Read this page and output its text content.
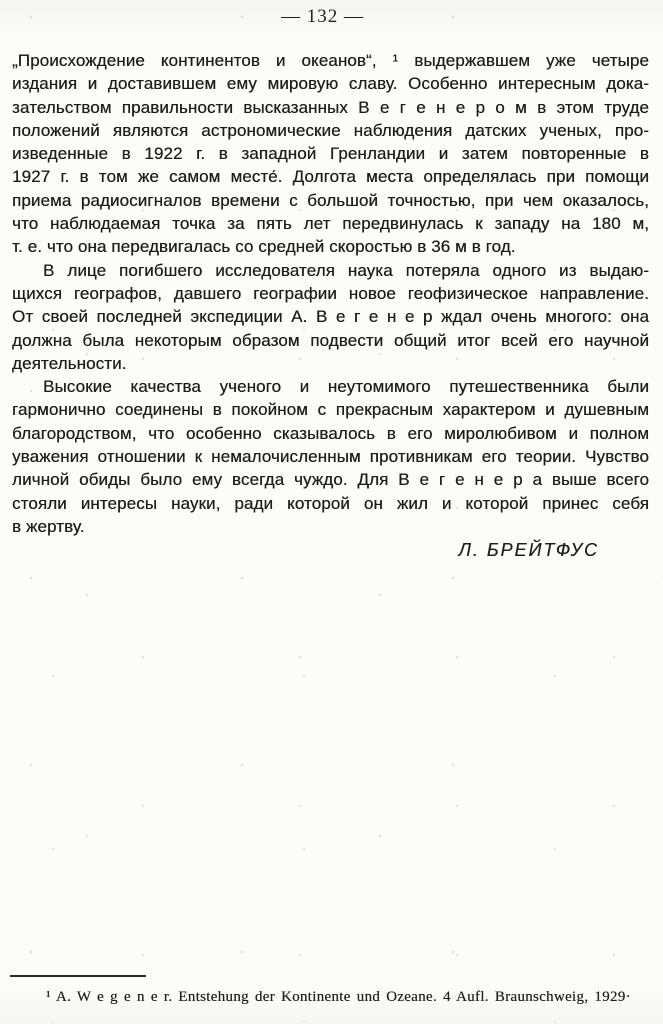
— 132 —
„Происхождение континентов и океанов“, ¹ выдержавшем уже четыре
издания и доставившем ему мировую славу. Особенно интересным дока-
зательством правильности высказанных В е г е н е р о м в этом труде
положений являются астрономические наблюдения датских ученых, про-
изведенные в 1922 г. в западной Гренландии и затем повторенные в
1927 г. в том же самом месте́. Долгота места определялась при помощи
приема радиосигналов времени с большой точностью, при чем оказалось,
что наблюдаемая точка за пять лет передвинулась к западу на 180 м,
т. е. что она передвигалась со средней скоростью в 36 м в год.
В лице погибшего исследователя наука потеряла одного из выдаю-
щихся географов, давшего географии новое геофизическое направление.
От своей последней экспедиции А. В е г е н е р ждал очень многого: она
должна была некоторым образом подвести общий итог всей его научной
деятельности.
Высокие качества ученого и неутомимого путешественника были
гармонично соединены в покойном с прекрасным характером и душевным
благородством, что особенно сказывалось в его миролюбивом и полном
уважения отношении к немалочисленным противникам его теории. Чувство
личной обиды было ему всегда чуждо. Для В е г е н е р а выше всего
стояли интересы науки, ради которой он жил и которой принес себя
в жертву.
Л. БРЕЙТФУС
¹ A. W e g e n e r. Entstehung der Kontinente und Ozeane. 4 Aufl. Braunschweig, 1929·
